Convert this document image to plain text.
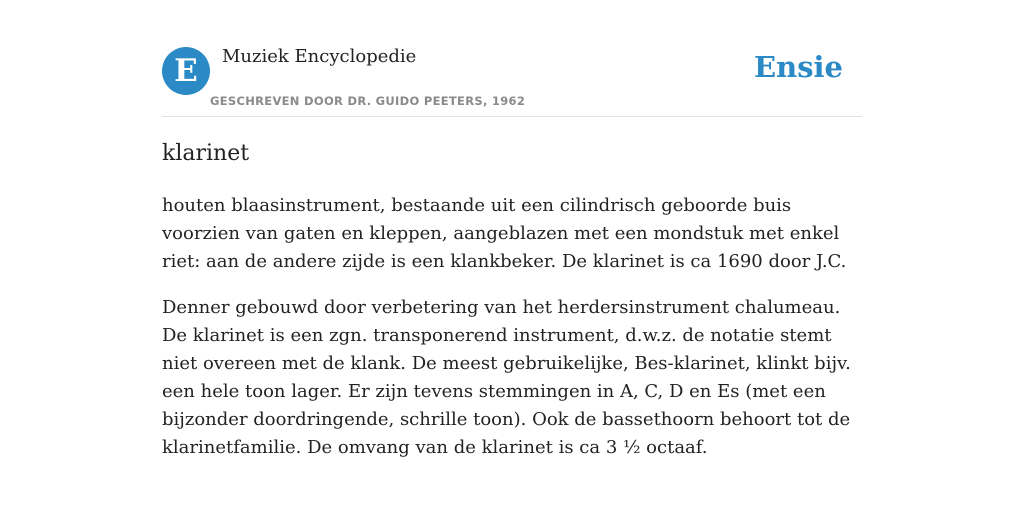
E	Muziek Encyclopedie
GESCHREVEN DOOR DR. GUIDO PEETERS, 1962
Ensie
klarinet

houten blaasinstrument, bestaande uit een cilindrisch geboorde buis voorzien van gaten en kleppen, aangeblazen met een mondstuk met enkel riet: aan de andere zijde is een klankbeker. De klarinet is ca 1690 door J.C.

Denner gebouwd door verbetering van het herdersinstrument chalumeau. De klarinet is een zgn. transponerend instrument, d.w.z. de notatie stemt niet overeen met de klank. De meest gebruikelijke, Bes-klarinet, klinkt bijv. een hele toon lager. Er zijn tevens stemmingen in A, C, D en Es (met een bijzonder doordringende, schrille toon). Ook de bassethoorn behoort tot de klarinetfamilie. De omvang van de klarinet is ca 3 ½ octaaf.
